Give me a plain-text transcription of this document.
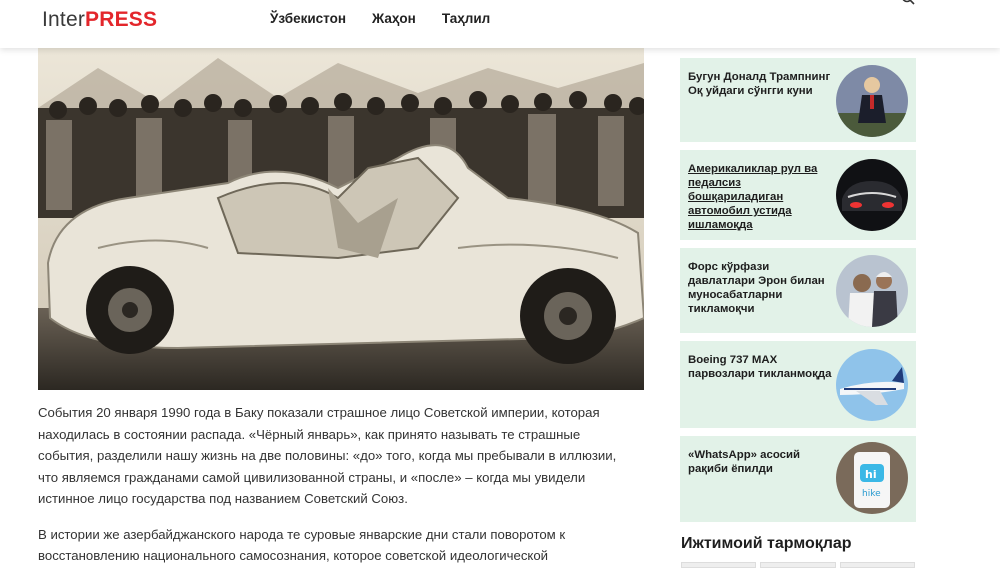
InterPRESS	Ўзбекистон Жаҳон Таҳлил

События 20 января 1990 года в Баку показали страшное лицо Советской империи, которая находилась в состоянии распада. «Чёрный январь», как принято называть те страшные события, разделили нашу жизнь на две половины: «до» того, когда мы пребывали в иллюзии, что являемся гражданами самой цивилизованной страны, и «после» – когда мы увидели истинное лицо государства под названием Советский Союз.

В истории же азербайджанского народа те суровые январские дни стали поворотом к восстановлению национального самосознания, которое советской идеологической

Бугун Доналд Трампнинг Оқ уйдаги сўнгги куни
Америкаликлар рул ва педалсиз бошқариладиган автомобил устида ишламоқда
Форс кўрфази давлатлари Эрон билан муносабатларни тикламоқчи
Boeing 737 MAX парвозлари тикланмоқда
«WhatsApp» асосий рақиби ёпилди	hi
hike
Ижтимоий тармоқлар
